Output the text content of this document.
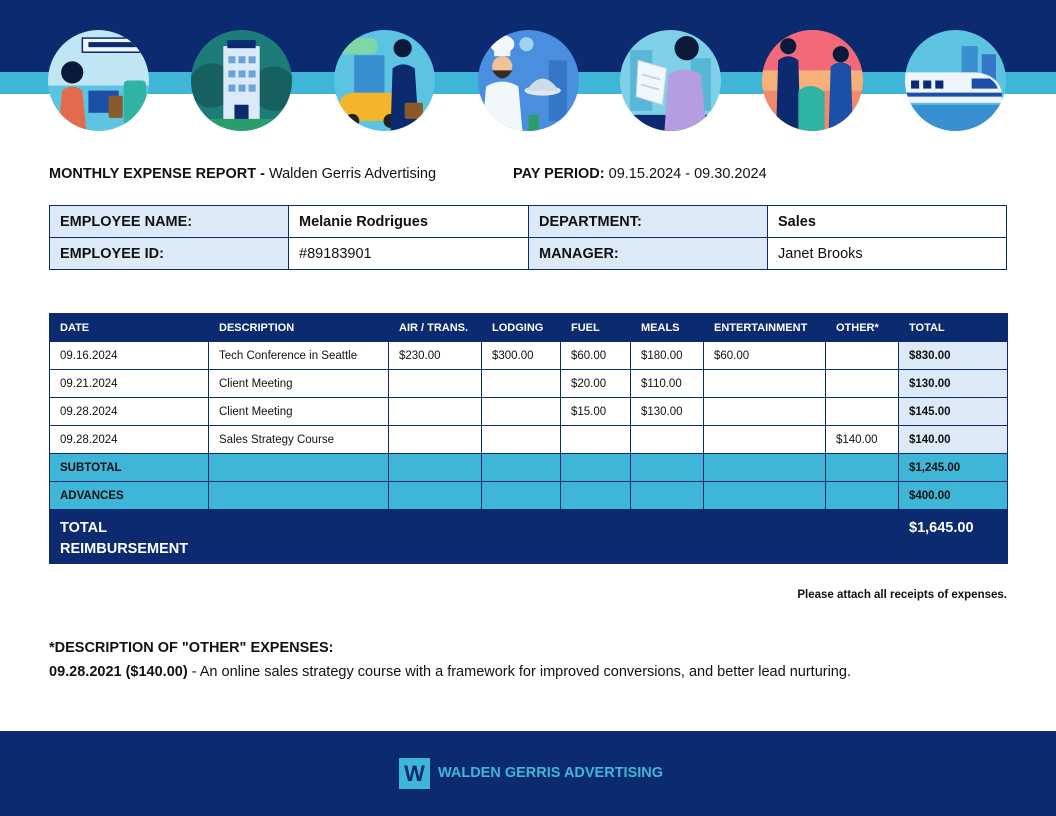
MONTHLY EXPENSE REPORT - Walden Gerris Advertising	PAY PERIOD: 09.15.2024 - 09.30.2024
EMPLOYEE NAME:	Melanie Rodrigues	DEPARTMENT:	Sales
EMPLOYEE ID:	#89183901	MANAGER:	Janet Brooks
DATE	DESCRIPTION	AIR / TRANS.	LODGING	FUEL	MEALS	ENTERTAINMENT	OTHER*	TOTAL
09.16.2024	Tech Conference in Seattle	$230.00	$300.00	$60.00	$180.00	$60.00		$830.00
09.21.2024	Client Meeting			$20.00	$110.00			$130.00
09.28.2024	Client Meeting			$15.00	$130.00			$145.00
09.28.2024	Sales Strategy Course						$140.00	$140.00
SUBTOTAL								$1,245.00
ADVANCES								$400.00

TOTAL REIMBURSEMENT								$1,645.00
Please attach all receipts of expenses.
*DESCRIPTION OF "OTHER" EXPENSES:
09.28.2021 ($140.00) - An online sales strategy course with a framework for improved conversions, and better lead nurturing.
W WALDEN GERRIS ADVERTISING
